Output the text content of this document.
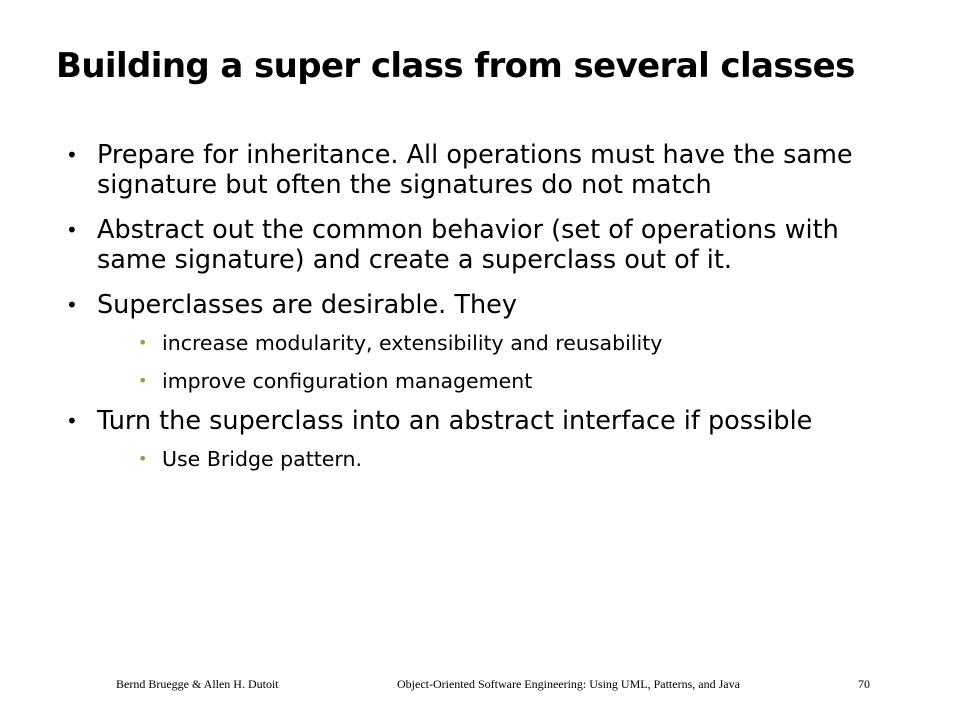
Building a super class from several classes
• Prepare for inheritance. All operations must have the same signature but often the signatures do not match
• Abstract out the common behavior (set of operations with same signature) and create a superclass out of it.
• Superclasses are desirable. They
• increase modularity, extensibility and reusability
• improve configuration management
• Turn the superclass into an abstract interface if possible
• Use Bridge pattern.
Bernd Bruegge & Allen H. Dutoit	Object-Oriented Software Engineering: Using UML, Patterns, and Java	70
